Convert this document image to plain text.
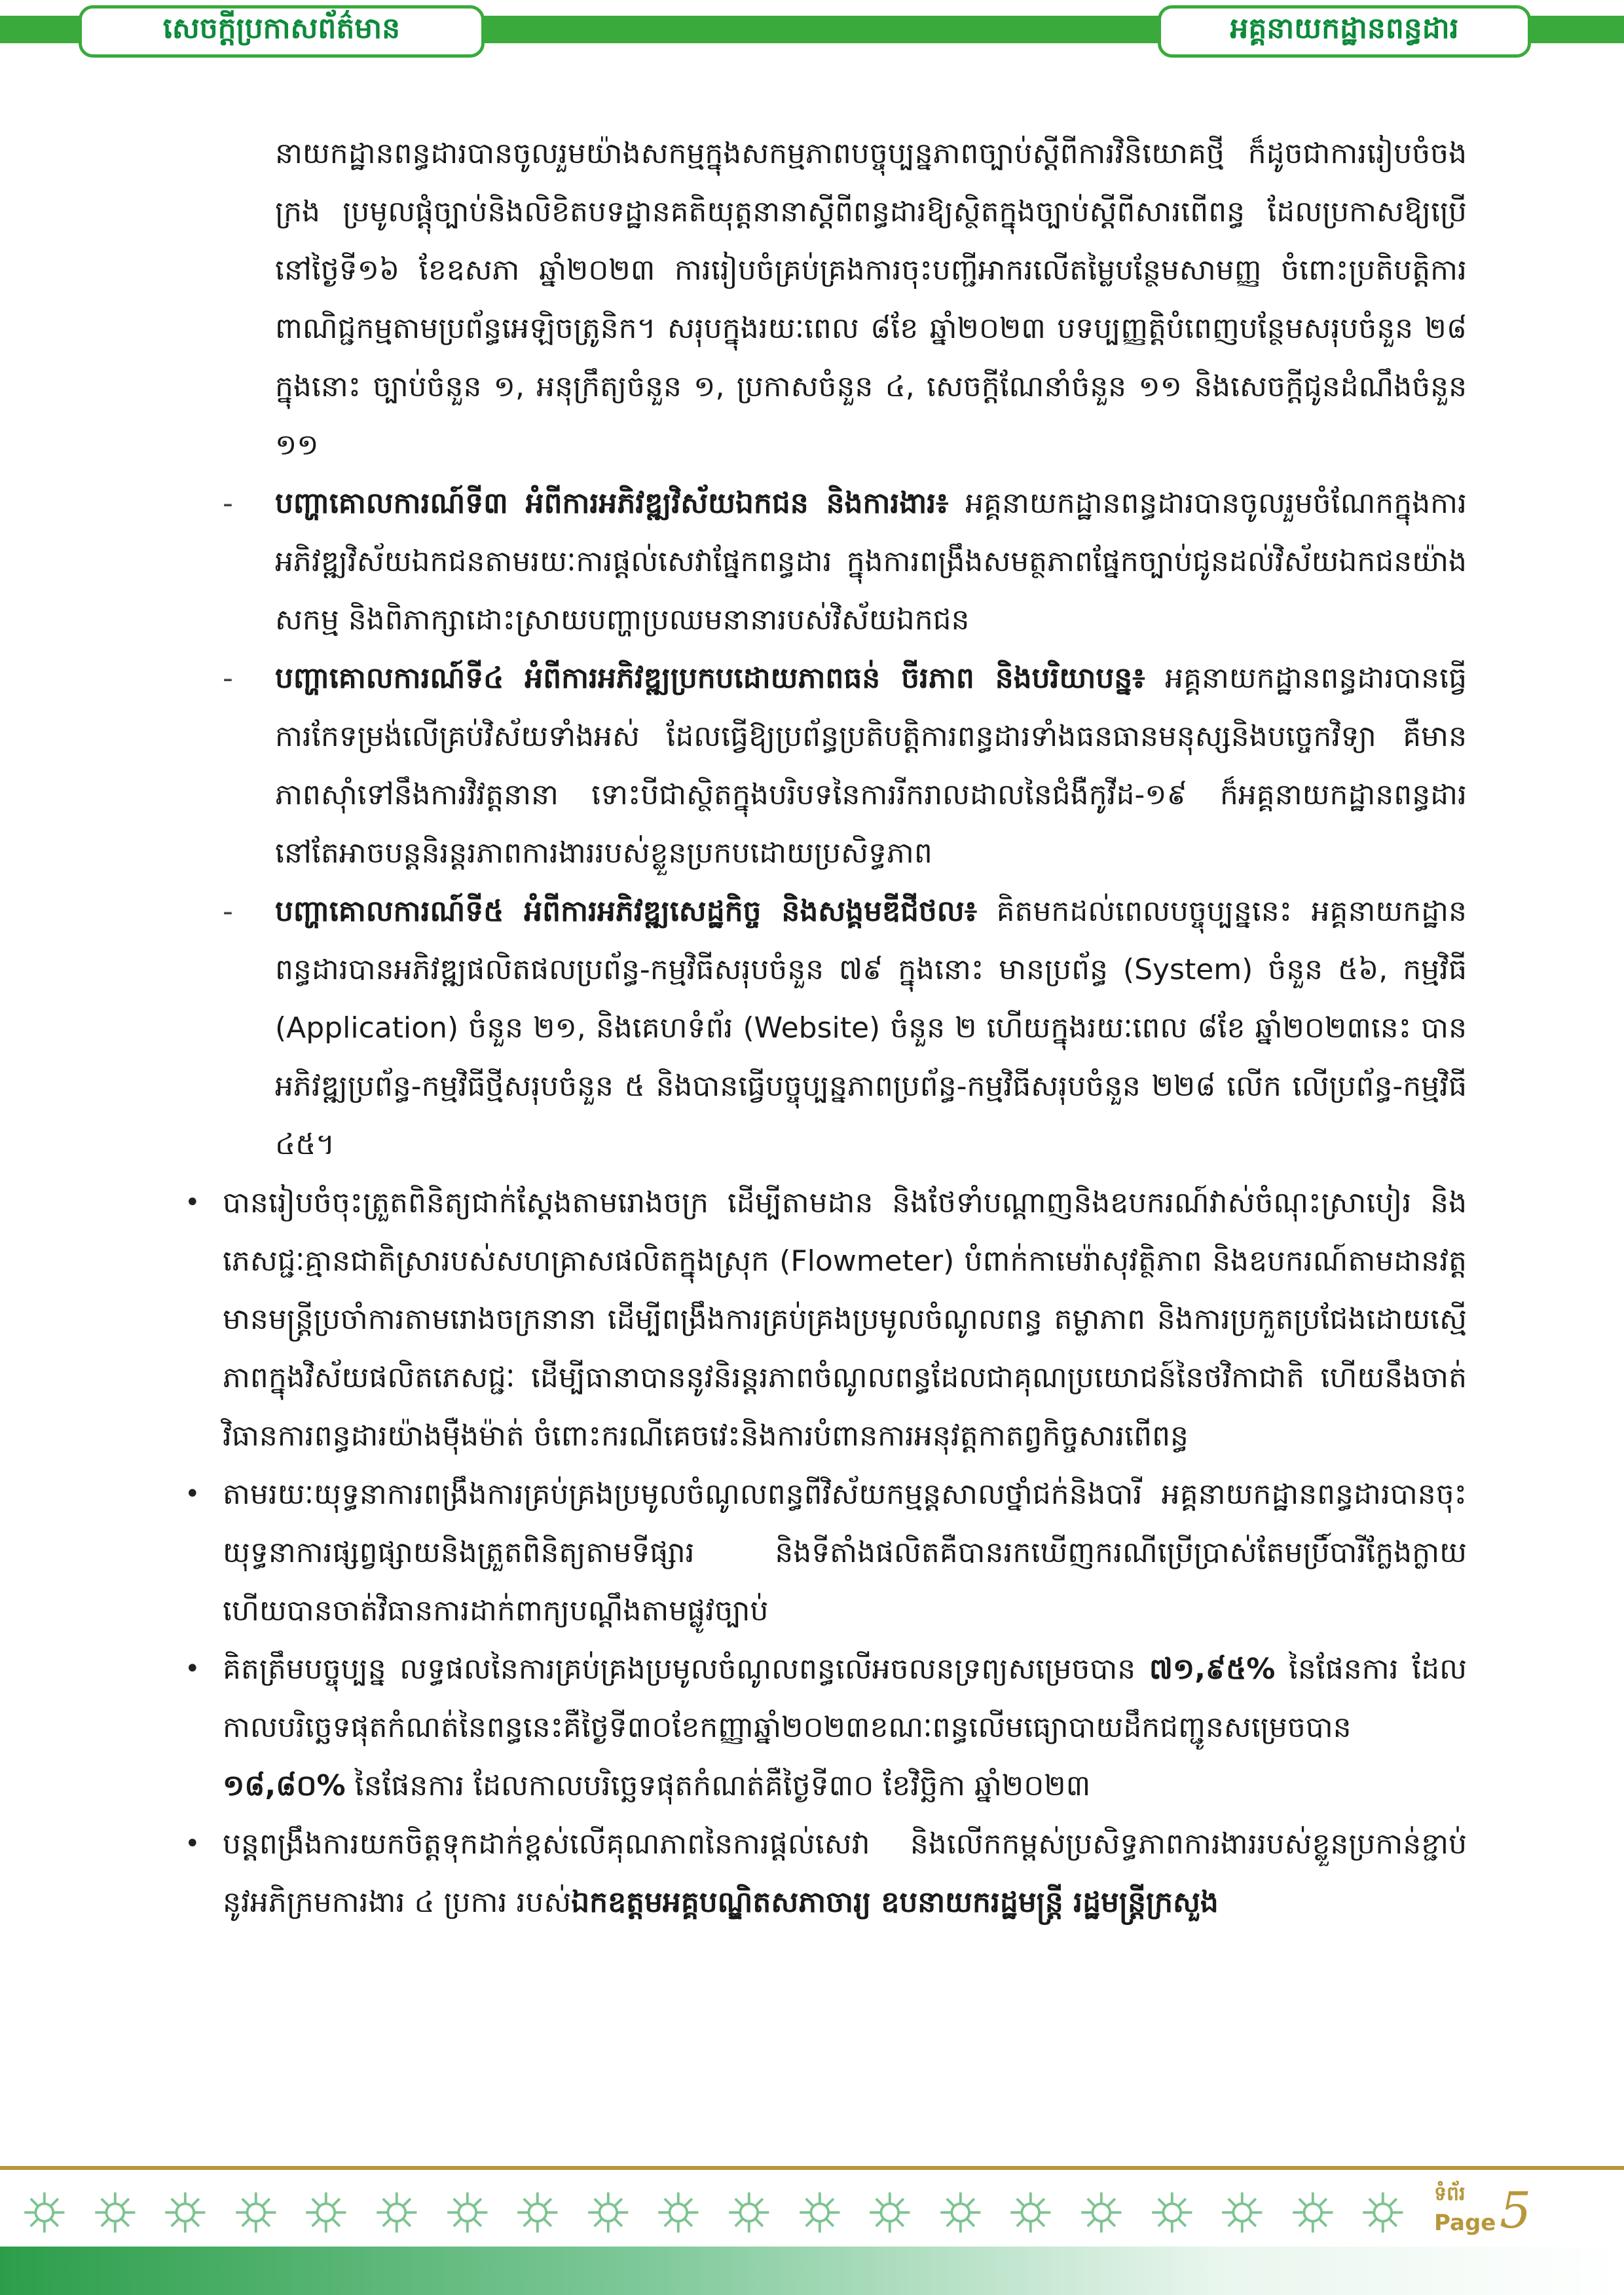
សេចក្តីប្រកាសព័ត៌មាន	អគ្គនាយកដ្ឋានពន្ធដារ

នាយកដ្ឋានពន្ធដារបានចូលរួមយ៉ាងសកម្មក្នុងសកម្មភាពបច្ចុប្បន្នភាពច្បាប់ស្តីពីការវិនិយោគថ្មី ក៏ដូចជាការរៀបចំចងក្រង ប្រមូលផ្តុំច្បាប់និងលិខិតបទដ្ឋានគតិយុត្តនានាស្តីពីពន្ធដារឱ្យស្ថិតក្នុងច្បាប់ស្តីពីសារពើពន្ធ ដែលប្រកាសឱ្យប្រើនៅថ្ងៃទី១៦ ខែឧសភា ឆ្នាំ២០២៣ ការរៀបចំគ្រប់គ្រងការចុះបញ្ជីអាករលើតម្លៃបន្ថែមសាមញ្ញ ចំពោះប្រតិបត្តិការពាណិជ្ជកម្មតាមប្រព័ន្ធអេឡិចត្រូនិក។ សរុបក្នុងរយៈពេល ៨ខែ ឆ្នាំ២០២៣ បទប្បញ្ញត្តិបំពេញបន្ថែមសរុបចំនួន ២៨ ក្នុងនោះ ច្បាប់ចំនួន ១, អនុក្រឹត្យចំនួន ១, ប្រកាសចំនួន ៤, សេចក្តីណែនាំចំនួន ១១ និងសេចក្តីជូនដំណឹងចំនួន ១១

-	បញ្ហាគោលការណ៍ទី៣ អំពីការអភិវឌ្ឍវិស័យឯកជន និងការងារ៖ អគ្គនាយកដ្ឋានពន្ធដារបានចូលរួមចំណែកក្នុងការអភិវឌ្ឍវិស័យឯកជនតាមរយៈការផ្តល់សេវាផ្នែកពន្ធដារ ក្នុងការពង្រឹងសមត្ថភាពផ្នែកច្បាប់ជូនដល់វិស័យឯកជនយ៉ាងសកម្ម និងពិភាក្សាដោះស្រាយបញ្ហាប្រឈមនានារបស់វិស័យឯកជន

-	បញ្ហាគោលការណ៍ទី៤ អំពីការអភិវឌ្ឍប្រកបដោយភាពធន់ ចីរភាព និងបរិយាបន្ន៖ អគ្គនាយកដ្ឋានពន្ធដារបានធ្វើការកែទម្រង់លើគ្រប់វិស័យទាំងអស់ ដែលធ្វើឱ្យប្រព័ន្ធប្រតិបត្តិការពន្ធដារទាំងធនធានមនុស្សនិងបច្ចេកវិទ្យា គឺមានភាពស៊ាំទៅនឹងការវិវត្តនានា ទោះបីជាស្ថិតក្នុងបរិបទនៃការរីករាលដាលនៃជំងឺកូវីដ-១៩ ក៏អគ្គនាយកដ្ឋានពន្ធដារនៅតែអាចបន្តនិរន្តរភាពការងាររបស់ខ្លួនប្រកបដោយប្រសិទ្ធភាព

-	បញ្ហាគោលការណ៍ទី៥ អំពីការអភិវឌ្ឍសេដ្ឋកិច្ច និងសង្គមឌីជីថល៖ គិតមកដល់ពេលបច្ចុប្បន្ននេះ អគ្គនាយកដ្ឋានពន្ធដារបានអភិវឌ្ឍផលិតផលប្រព័ន្ធ-កម្មវិធីសរុបចំនួន ៧៩ ក្នុងនោះ មានប្រព័ន្ធ (System) ចំនួន ៥៦, កម្មវិធី (Application) ចំនួន ២១, និងគេហទំព័រ (Website) ចំនួន ២ ហើយក្នុងរយៈពេល ៨ខែ ឆ្នាំ២០២៣នេះ បានអភិវឌ្ឍប្រព័ន្ធ-កម្មវិធីថ្មីសរុបចំនួន ៥ និងបានធ្វើបច្ចុប្បន្នភាពប្រព័ន្ធ-កម្មវិធីសរុបចំនួន ២២៨ លើក លើប្រព័ន្ធ-កម្មវិធី ៤៥។

• បានរៀបចំចុះត្រួតពិនិត្យជាក់ស្តែងតាមរោងចក្រ ដើម្បីតាមដាន និងថែទាំបណ្តាញនិងឧបករណ៍វាស់ចំណុះស្រាបៀរ និងភេសជ្ជៈគ្មានជាតិស្រារបស់សហគ្រាសផលិតក្នុងស្រុក (Flowmeter) បំពាក់កាមេរ៉ាសុវត្ថិភាព និងឧបករណ៍តាមដានវត្តមានមន្ត្រីប្រចាំការតាមរោងចក្រនានា ដើម្បីពង្រឹងការគ្រប់គ្រងប្រមូលចំណូលពន្ធ តម្លាភាព និងការប្រកួតប្រជែងដោយស្មើភាពក្នុងវិស័យផលិតភេសជ្ជៈ ដើម្បីធានាបាននូវនិរន្តរភាពចំណូលពន្ធដែលជាគុណប្រយោជន៍នៃថវិកាជាតិ ហើយនឹងចាត់វិធានការពន្ធដារយ៉ាងម៉ឺងម៉ាត់ ចំពោះករណីគេចវេះនិងការបំពានការអនុវត្តកាតព្វកិច្ចសារពើពន្ធ

• តាមរយៈយុទ្ធនាការពង្រឹងការគ្រប់គ្រងប្រមូលចំណូលពន្ធពីវិស័យកម្មន្តសាលថ្នាំជក់និងបារី អគ្គនាយកដ្ឋានពន្ធដារបានចុះយុទ្ធនាការផ្សព្វផ្សាយនិងត្រួតពិនិត្យតាមទីផ្សារ និងទីតាំងផលិតគឺបានរកឃើញករណីប្រើប្រាស់តែមប្រិ៍បារីក្លែងក្លាយ ហើយបានចាត់វិធានការដាក់ពាក្យបណ្តឹងតាមផ្លូវច្បាប់

• គិតត្រឹមបច្ចុប្បន្ន លទ្ធផលនៃការគ្រប់គ្រងប្រមូលចំណូលពន្ធលើអចលនទ្រព្យសម្រេចបាន ៧១,៩៥% នៃផែនការ ដែលកាលបរិច្ឆេទផុតកំណត់នៃពន្ធនេះគឺថ្ងៃទី៣០ខែកញ្ញាឆ្នាំ២០២៣ខណៈពន្ធលើមធ្យោបាយដឹកជញ្ជូនសម្រេចបាន ១៨,៨០% នៃផែនការ ដែលកាលបរិច្ឆេទផុតកំណត់គឺថ្ងៃទី៣០ ខែវិច្ឆិកា ឆ្នាំ២០២៣

• បន្តពង្រឹងការយកចិត្តទុកដាក់ខ្ពស់លើគុណភាពនៃការផ្តល់សេវា និងលើកកម្ពស់ប្រសិទ្ធភាពការងាររបស់ខ្លួនប្រកាន់ខ្ជាប់នូវអភិក្រមការងារ ៤ ប្រការ របស់ឯកឧត្តមអគ្គបណ្ឌិតសភាចារ្យ ឧបនាយករដ្ឋមន្ត្រី រដ្ឋមន្ត្រីក្រសួង

ទំព័រ
Page 5
